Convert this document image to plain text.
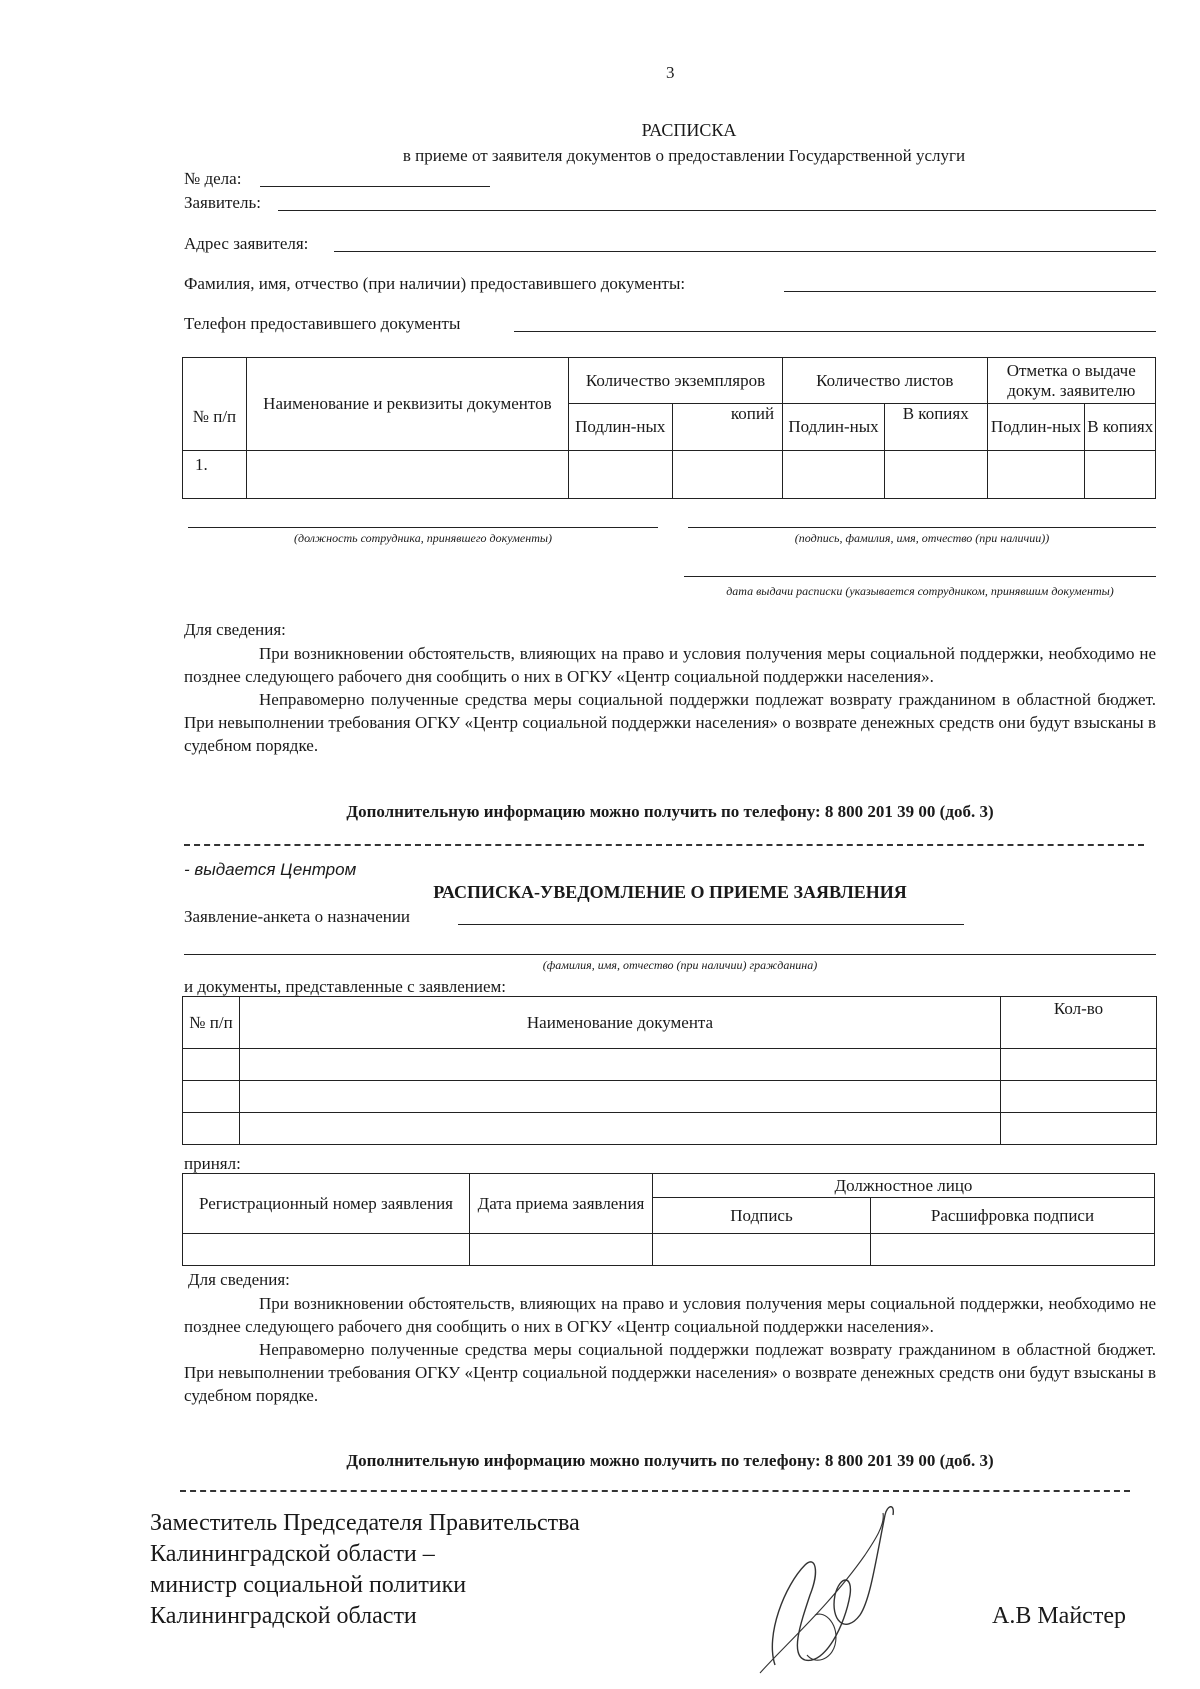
3
РАСПИСКА
в приеме от заявителя документов о предоставлении Государственной услуги
№ дела:
Заявитель:
Адрес заявителя:
Фамилия, имя, отчество (при наличии) предоставившего документы:
Телефон предоставившего документы
№ п/п	Наименование и реквизиты документов	Количество экземпляров		Количество листов		Отметка о выдаче докум. заявителю	
		Подлин-ных	копий	Подлин-ных	В копиях	Подлин-ных	В копиях
1.							
(должность сотрудника, принявшего документы)	(подпись, фамилия, имя, отчество (при наличии))
дата выдачи расписки (указывается сотрудником, принявшим документы)
Для сведения:

При возникновении обстоятельств, влияющих на право и условия получения меры социальной поддержки, необходимо не позднее следующего рабочего дня сообщить о них в ОГКУ «Центр социальной поддержки населения».

Неправомерно полученные средства меры социальной поддержки подлежат возврату гражданином в областной бюджет. При невыполнении требования ОГКУ «Центр социальной поддержки населения» о возврате денежных средств они будут взысканы в судебном порядке.

Дополнительную информацию можно получить по телефону: 8 800 201 39 00 (доб. 3)
- выдается Центром
РАСПИСКА-УВЕДОМЛЕНИЕ О ПРИЕМЕ ЗАЯВЛЕНИЯ
Заявление-анкета о назначении
(фамилия, имя, отчество (при наличии) гражданина)
и документы, представленные с заявлением:
№ п/п	Наименование документа	Кол-во

принял:
Регистрационный номер заявления	Дата приема заявления	Должностное лицо	
		Подпись	Расшифровка подписи

Для сведения:

При возникновении обстоятельств, влияющих на право и условия получения меры социальной поддержки, необходимо не позднее следующего рабочего дня сообщить о них в ОГКУ «Центр социальной поддержки населения».

Неправомерно полученные средства меры социальной поддержки подлежат возврату гражданином в областной бюджет. При невыполнении требования ОГКУ «Центр социальной поддержки населения» о возврате денежных средств они будут взысканы в судебном порядке.

Дополнительную информацию можно получить по телефону: 8 800 201 39 00 (доб. 3)
Заместитель Председателя Правительства
Калининградской области –
министр социальной политики
Калининградской области	А.В Майстер
